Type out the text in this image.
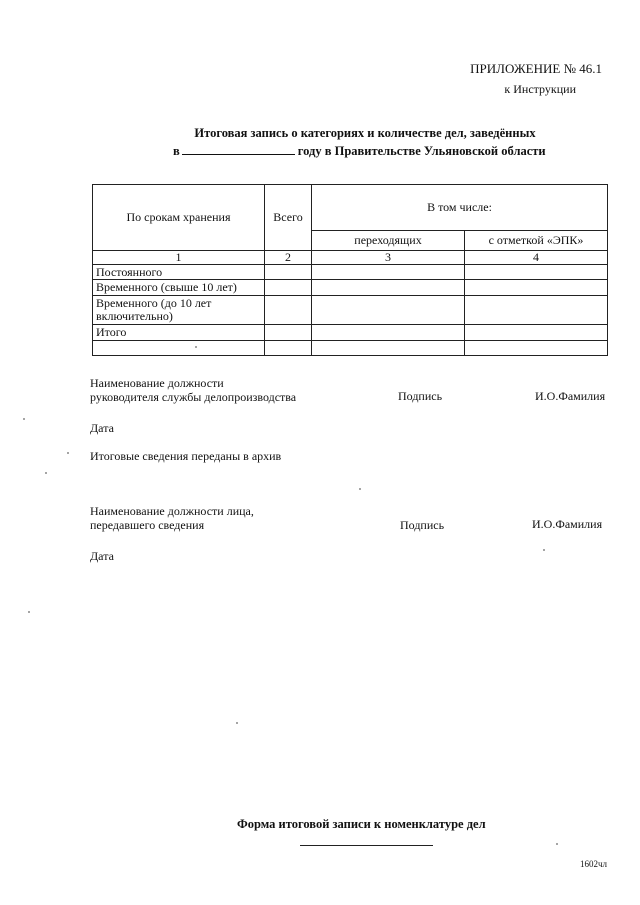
ПРИЛОЖЕНИЕ № 46.1
к Инструкции
Итоговая запись о категориях и количестве дел, заведённых
в	году в Правительстве Ульяновской области
По срокам хранения	Всего	В том числе:	
		переходящих	с отметкой «ЭПК»
1	2	3	4
Постоянного			
Временного (свыше 10 лет)			
Временного (до 10 лет включительно)			
Итого			

Наименование должности
руководителя службы делопроизводства	Подпись	И.О.Фамилия
Дата
Итоговые сведения переданы в архив
Наименование должности лица,
передавшего сведения	Подпись	И.О.Фамилия
Дата
Форма итоговой записи к номенклатуре дел
1602чл
